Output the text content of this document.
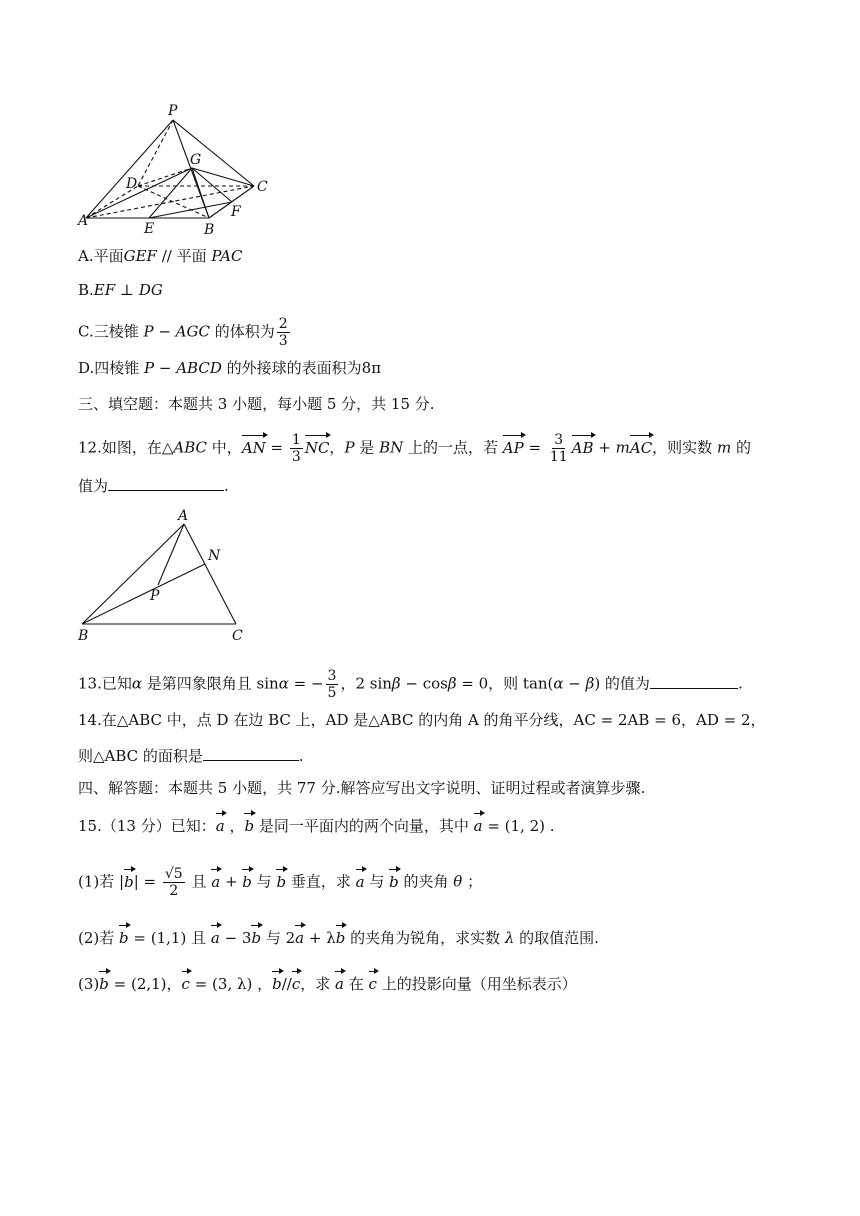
P
G
D	C
A	E	B
F
A.平面GEF // 平面 PAC
B.EF ⊥ DG
C.三棱锥 P − AGC 的体积为 $\frac{2}{3}$
D.四棱锥 P − ABCD 的外接球的表面积为8π
三、填空题：本题共 3 小题，每小题 5 分，共 15 分.
12.如图，在△ABC 中，AN = $\frac{1}{3}$ NC，P 是 BN 上的一点，若 AP = $\frac{3}{11}$ AB + mAC，则实数 m 的
值为	.
A
N
P
B	C
13.已知α 是第四象限角且 sinα = − $\frac{3}{5}$ ，2 sinβ − cosβ = 0，则 tan(α − β) 的值为	.
14.在△ABC 中，点 D 在边 BC 上，AD 是△ABC 的内角 A 的角平分线，AC = 2AB = 6，AD = 2，
则△ABC 的面积是	.
四、解答题：本题共 5 小题，共 77 分.解答应写出文字说明、证明过程或者演算步骤.
15.（13 分）已知：a ，b 是同一平面内的两个向量，其中 a = (1, 2) .
(1)若 $|b| = \frac{√5}{2}$ 且 a + b 与 b 垂直，求 a 与 b 的夹角 θ ；
(2)若 b = (1,1) 且 a − 3b 与 2a + λb 的夹角为锐角，求实数 λ 的取值范围.
(3)b = (2,1)，c = (3, λ) ，b//c，求 a 在 c 上的投影向量（用坐标表示）
